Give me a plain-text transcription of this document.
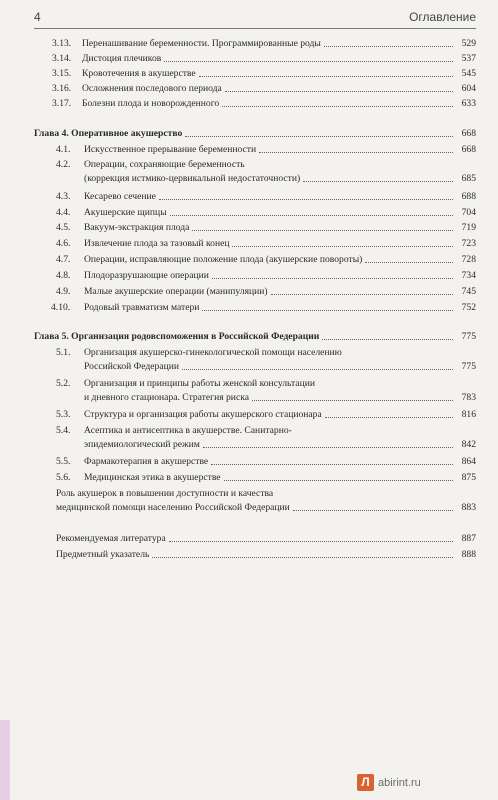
4	Оглавление
3.13.	Перенашивание беременности. Программированные роды	529
3.14.	Дистоция плечиков	537
3.15.	Кровотечения в акушерстве	545
3.16.	Осложнения последового периода	604
3.17.	Болезни плода и новорожденного	633
Глава 4. Оперативное акушерство	668
4.1.	Искусственное прерывание беременности	668
4.2. Операции, сохраняющие беременность
(коррекция истмико-цервикальной недостаточности)	685
4.3.	Кесарево сечение	688
4.4.	Акушерские щипцы	704
4.5.	Вакуум-экстракция плода	719
4.6.	Извлечение плода за тазовый конец	723
4.7.	Операции, исправляющие положение плода (акушерские повороты)	728
4.8.	Плодоразрушающие операции	734
4.9.	Малые акушерские операции (манипуляции)	745
4.10.	Родовый травматизм матери	752
Глава 5. Организация родовспоможения в Российской Федерации	775
5.1. Организация акушерско-гинекологической помощи населению
Российской Федерации	775
5.2. Организация и принципы работы женской консультации
и дневного стационара. Стратегия риска	783
5.3.	Структура и организация работы акушерского стационара	816
5.4. Асептика и антисептика в акушерстве. Санитарно-
эпидемиологический режим	842
5.5.	Фармакотерапия в акушерстве	864
5.6.	Медицинская этика в акушерстве	875
Роль акушерок в повышении доступности и качества
медицинской помощи населению Российской Федерации	883
Рекомендуемая литература	887
Предметный указатель	888
Л abirint.ru
